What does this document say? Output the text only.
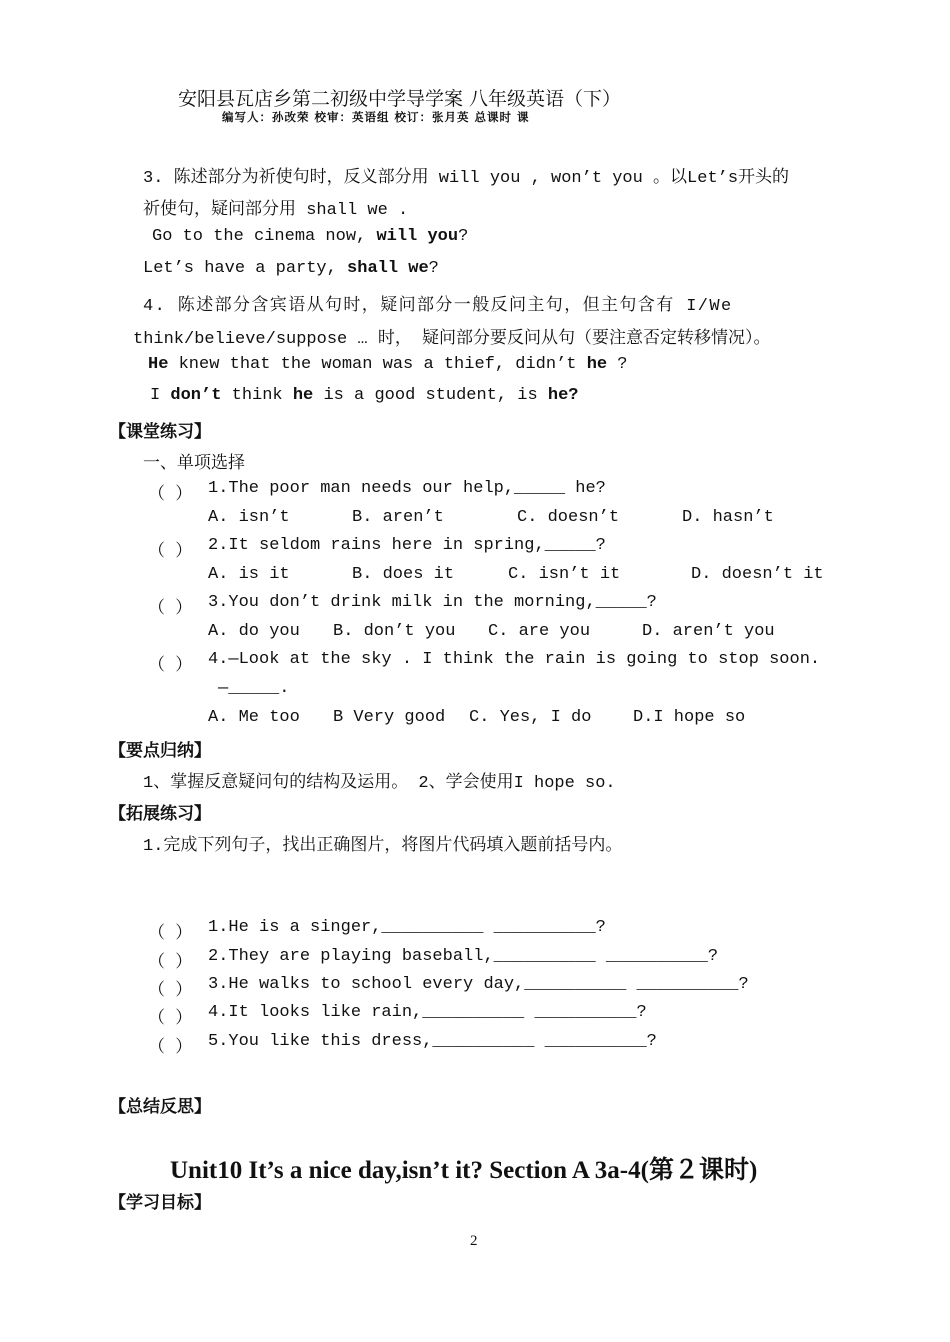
安阳县瓦店乡第二初级中学导学案 八年级英语（下）
编写人：孙改荣 校审：英语组 校订：张月英 总课时 课
3. 陈述部分为祈使句时，反义部分用 will you , won’t you 。以Let’s开头的
祈使句，疑问部分用 shall we .
Go to the cinema now, will you?
Let’s have a party, shall we?
4. 陈述部分含宾语从句时，疑问部分一般反问主句，但主句含有 I/We
think/believe/suppose … 时， 疑问部分要反问从句（要注意否定转移情况）。
He knew that the woman was a thief, didn’t he ?
I don’t think he is a good student, is he?
【课堂练习】
一、单项选择
（ ） 1.The poor man needs our help,_____ he?
A. isn’t	B. aren’t	C. doesn’t	D. hasn’t
（ ） 2.It seldom rains here in spring,_____?
A. is it	B. does it	C. isn’t it	D. doesn’t it
（ ） 3.You don’t drink milk in the morning,_____?
A. do you B. don’t you C. are you	D. aren’t you
（ ） 4.—Look at the sky . I think the rain is going to stop soon.
—_____.
A. Me too B Very good C. Yes, I do D.I hope so
【要点归纳】
1、掌握反意疑问句的结构及运用。 2、学会使用I hope so.
【拓展练习】
1.完成下列句子，找出正确图片，将图片代码填入题前括号内。
（ ） 1.He is a singer,__________ __________?
（ ） 2.They are playing baseball,__________ __________?
（ ） 3.He walks to school every day,__________ __________?
（ ） 4.It looks like rain,__________ __________?
（ ） 5.You like this dress,__________ __________?
【总结反思】
Unit10 It’s a nice day,isn’t it? Section A 3a-4(第２课时)
【学习目标】
2
